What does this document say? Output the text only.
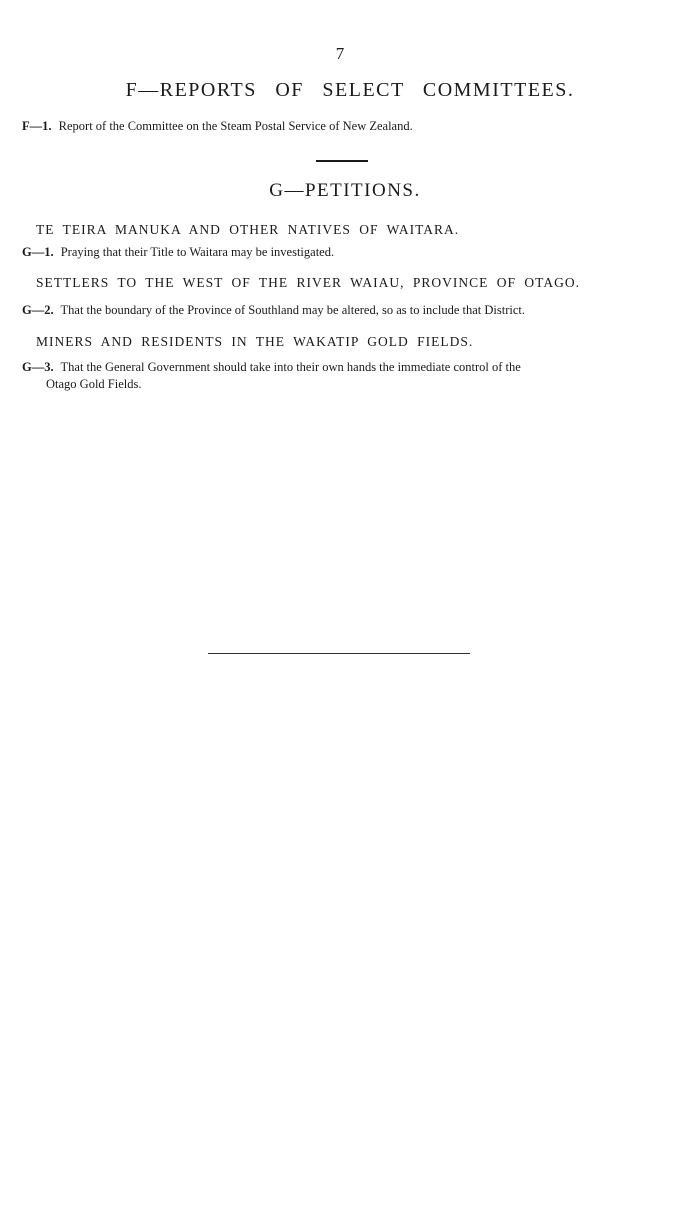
7
F—REPORTS OF SELECT COMMITTEES.
F—1. Report of the Committee on the Steam Postal Service of New Zealand.
G—PETITIONS.
TE TEIRA MANUKA AND OTHER NATIVES OF WAITARA.
G—1. Praying that their Title to Waitara may be investigated.
SETTLERS TO THE WEST OF THE RIVER WAIAU, PROVINCE OF OTAGO.
G—2. That the boundary of the Province of Southland may be altered, so as to include that District.
MINERS AND RESIDENTS IN THE WAKATIP GOLD FIELDS.
G—3. That the General Government should take into their own hands the immediate control of the
Otago Gold Fields.
